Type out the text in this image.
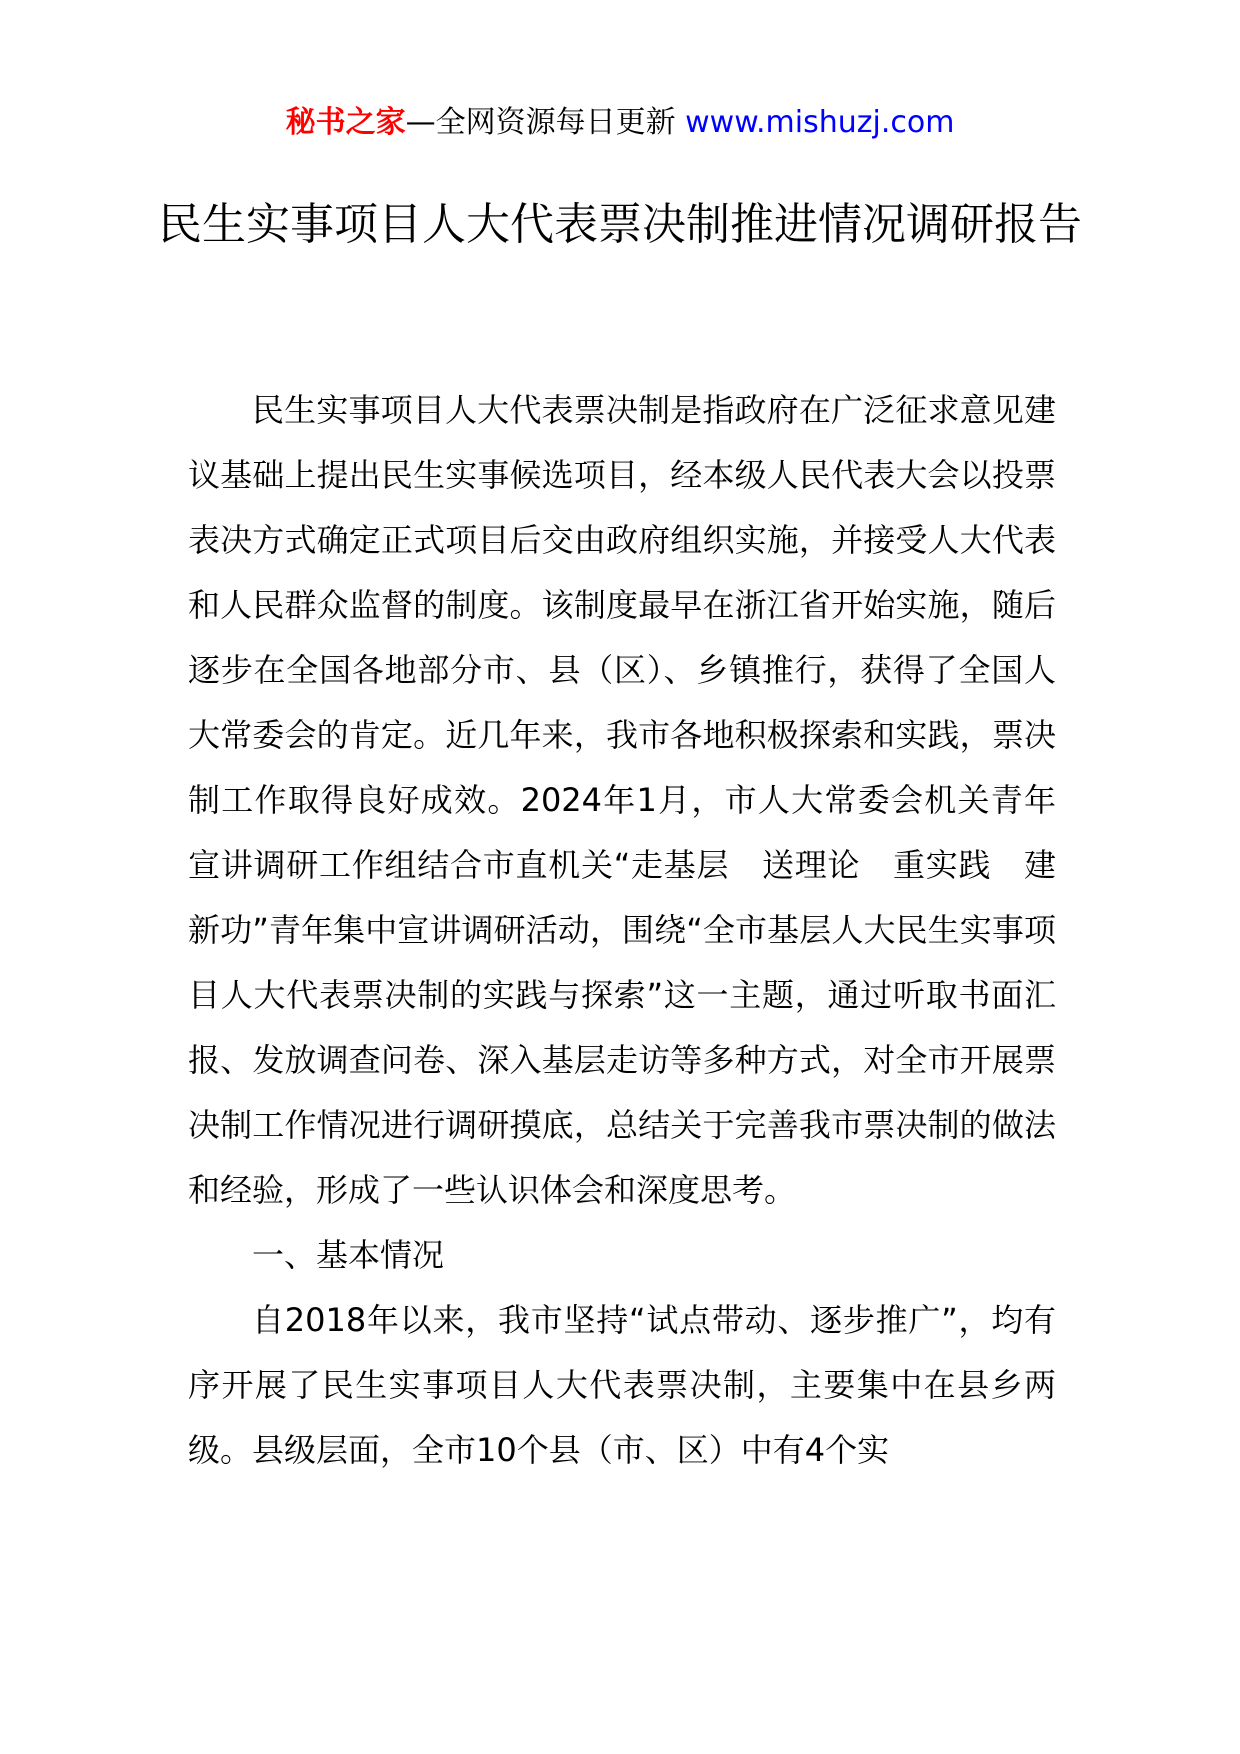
秘书之家—全网资源每日更新 www.mishuzj.com
民生实事项目人大代表票决制推进情况调研报告

民生实事项目人大代表票决制是指政府在广泛征求意见建议基础上提出民生实事候选项目，经本级人民代表大会以投票表决方式确定正式项目后交由政府组织实施，并接受人大代表和人民群众监督的制度。该制度最早在浙江省开始实施，随后逐步在全国各地部分市、县（区）、乡镇推行，获得了全国人大常委会的肯定。近几年来，我市各地积极探索和实践，票决制工作取得良好成效。2024年1月，市人大常委会机关青年宣讲调研工作组结合市直机关“走基层　送理论　重实践　建新功”青年集中宣讲调研活动，围绕“全市基层人大民生实事项目人大代表票决制的实践与探索”这一主题，通过听取书面汇报、发放调查问卷、深入基层走访等多种方式，对全市开展票决制工作情况进行调研摸底，总结关于完善我市票决制的做法和经验，形成了一些认识体会和深度思考。

一、基本情况

自2018年以来，我市坚持“试点带动、逐步推广”，均有序开展了民生实事项目人大代表票决制，主要集中在县乡两级。县级层面，全市10个县（市、区）中有4个实
